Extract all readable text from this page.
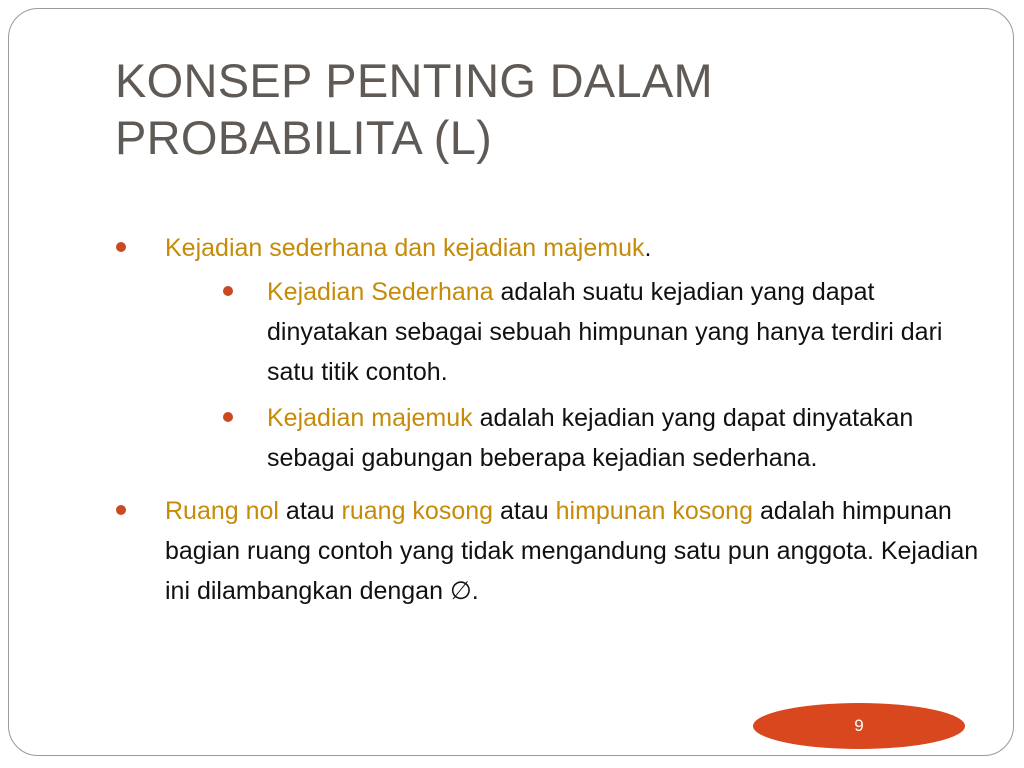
KONSEP PENTING DALAM
PROBABILITA (L)
Kejadian sederhana dan kejadian majemuk.
Kejadian Sederhana adalah suatu kejadian yang dapat dinyatakan sebagai sebuah himpunan yang hanya terdiri dari satu titik contoh.
Kejadian majemuk adalah kejadian yang dapat dinyatakan sebagai gabungan beberapa kejadian sederhana.
Ruang nol atau ruang kosong atau himpunan kosong adalah himpunan bagian ruang contoh yang tidak mengandung satu pun anggota. Kejadian ini dilambangkan dengan ∅.
9
